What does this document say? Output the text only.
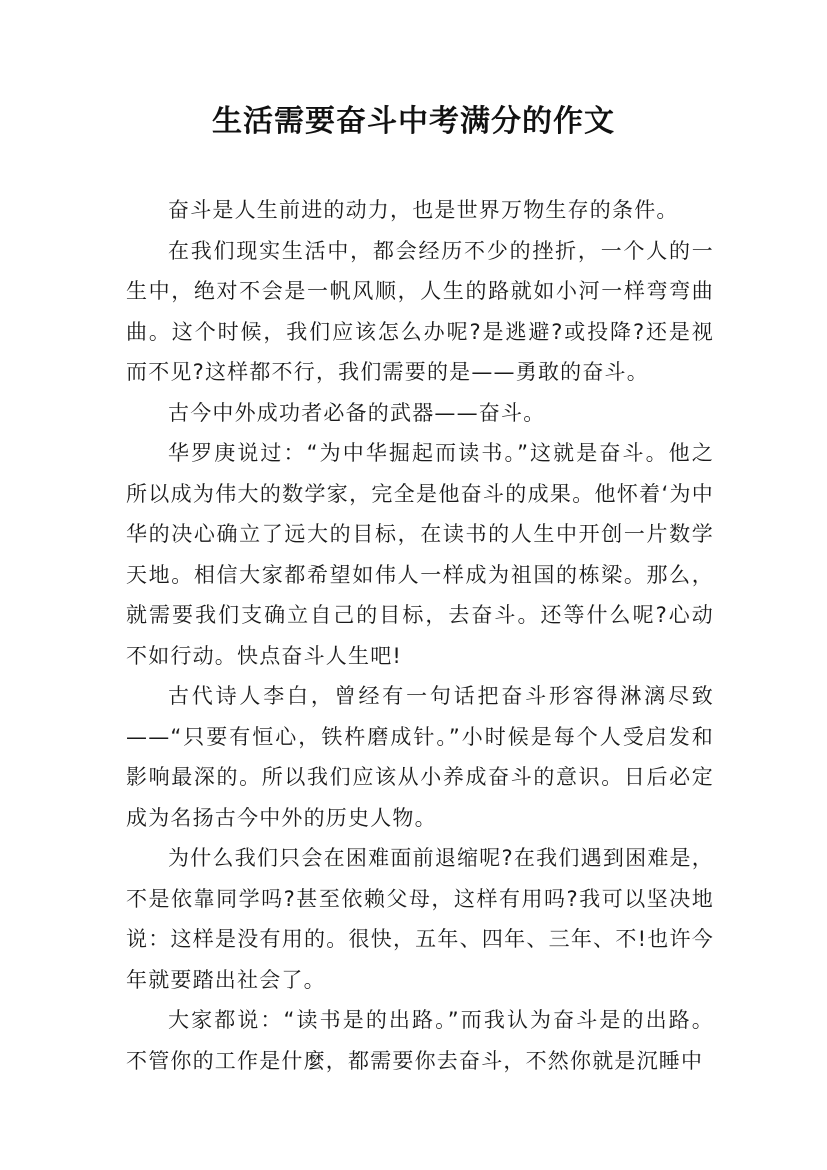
生活需要奋斗中考满分的作文

奋斗是人生前进的动力，也是世界万物生存的条件。

在我们现实生活中，都会经历不少的挫折，一个人的一生中，绝对不会是一帆风顺，人生的路就如小河一样弯弯曲曲。这个时候，我们应该怎么办呢?是逃避?或投降?还是视而不见?这样都不行，我们需要的是——勇敢的奋斗。

古今中外成功者必备的武器——奋斗。

华罗庚说过：“为中华掘起而读书。”这就是奋斗。他之所以成为伟大的数学家，完全是他奋斗的成果。他怀着‘为中华的决心确立了远大的目标，在读书的人生中开创一片数学天地。相信大家都希望如伟人一样成为祖国的栋梁。那么，就需要我们支确立自己的目标，去奋斗。还等什么呢?心动不如行动。快点奋斗人生吧!

古代诗人李白，曾经有一句话把奋斗形容得淋漓尽致——“只要有恒心，铁杵磨成针。”小时候是每个人受启发和影响最深的。所以我们应该从小养成奋斗的意识。日后必定成为名扬古今中外的历史人物。

为什么我们只会在困难面前退缩呢?在我们遇到困难是，不是依靠同学吗?甚至依赖父母，这样有用吗?我可以坚决地说：这样是没有用的。很快，五年、四年、三年、不!也许今年就要踏出社会了。

大家都说：“读书是的出路。”而我认为奋斗是的出路。不管你的工作是什麼，都需要你去奋斗，不然你就是沉睡中
